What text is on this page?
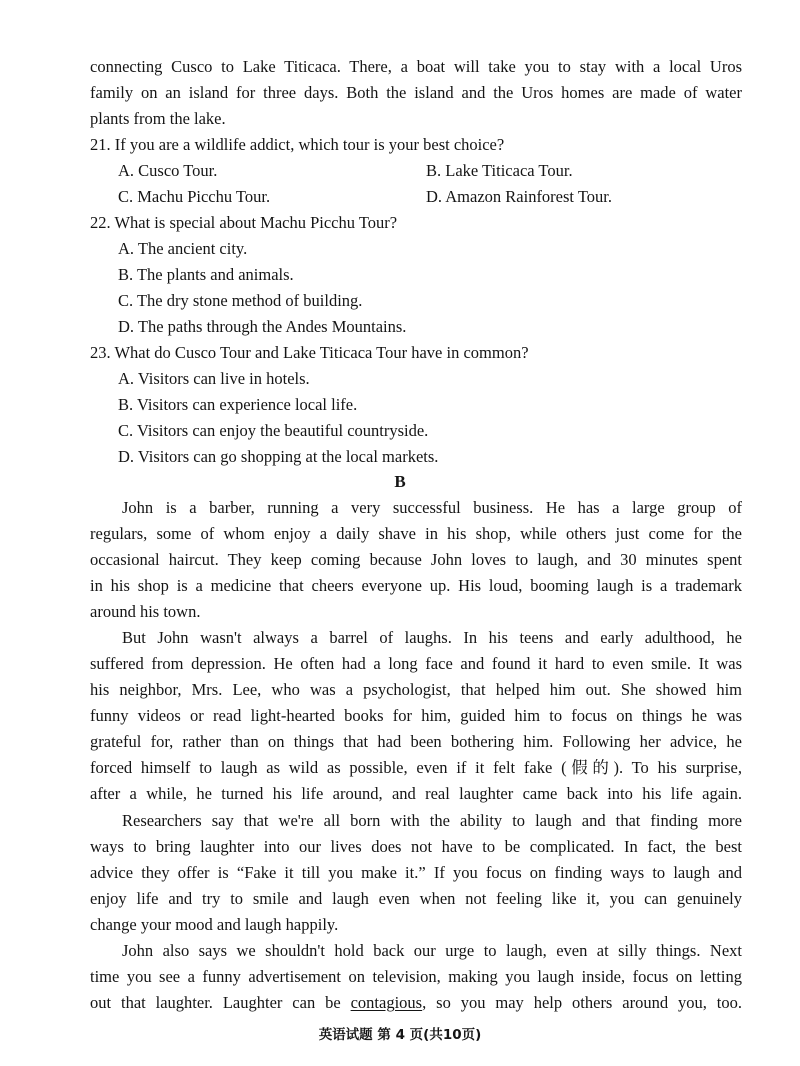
connecting Cusco to Lake Titicaca. There, a boat will take you to stay with a local Uros
family on an island for three days. Both the island and the Uros homes are made of water
plants from the lake.
21. If you are a wildlife addict, which tour is your best choice?
A. Cusco Tour.	B. Lake Titicaca Tour.
C. Machu Picchu Tour.	D. Amazon Rainforest Tour.
22. What is special about Machu Picchu Tour?
A. The ancient city.
B. The plants and animals.
C. The dry stone method of building.
D. The paths through the Andes Mountains.
23. What do Cusco Tour and Lake Titicaca Tour have in common?
A. Visitors can live in hotels.
B. Visitors can experience local life.
C. Visitors can enjoy the beautiful countryside.
D. Visitors can go shopping at the local markets.
B
John is a barber, running a very successful business. He has a large group of
regulars, some of whom enjoy a daily shave in his shop, while others just come for the
occasional haircut. They keep coming because John loves to laugh, and 30 minutes spent
in his shop is a medicine that cheers everyone up. His loud, booming laugh is a trademark
around his town.
But John wasn't always a barrel of laughs. In his teens and early adulthood, he
suffered from depression. He often had a long face and found it hard to even smile. It was
his neighbor, Mrs. Lee, who was a psychologist, that helped him out. She showed him
funny videos or read light-hearted books for him, guided him to focus on things he was
grateful for, rather than on things that had been bothering him. Following her advice, he
forced himself to laugh as wild as possible, even if it felt fake (假的). To his surprise,
after a while, he turned his life around, and real laughter came back into his life again.
Researchers say that we're all born with the ability to laugh and that finding more
ways to bring laughter into our lives does not have to be complicated. In fact, the best
advice they offer is “Fake it till you make it.” If you focus on finding ways to laugh and
enjoy life and try to smile and laugh even when not feeling like it, you can genuinely
change your mood and laugh happily.
John also says we shouldn't hold back our urge to laugh, even at silly things. Next
time you see a funny advertisement on television, making you laugh inside, focus on letting
out that laughter. Laughter can be contagious, so you may help others around you, too.
英语试题 第 4 页(共10页)
